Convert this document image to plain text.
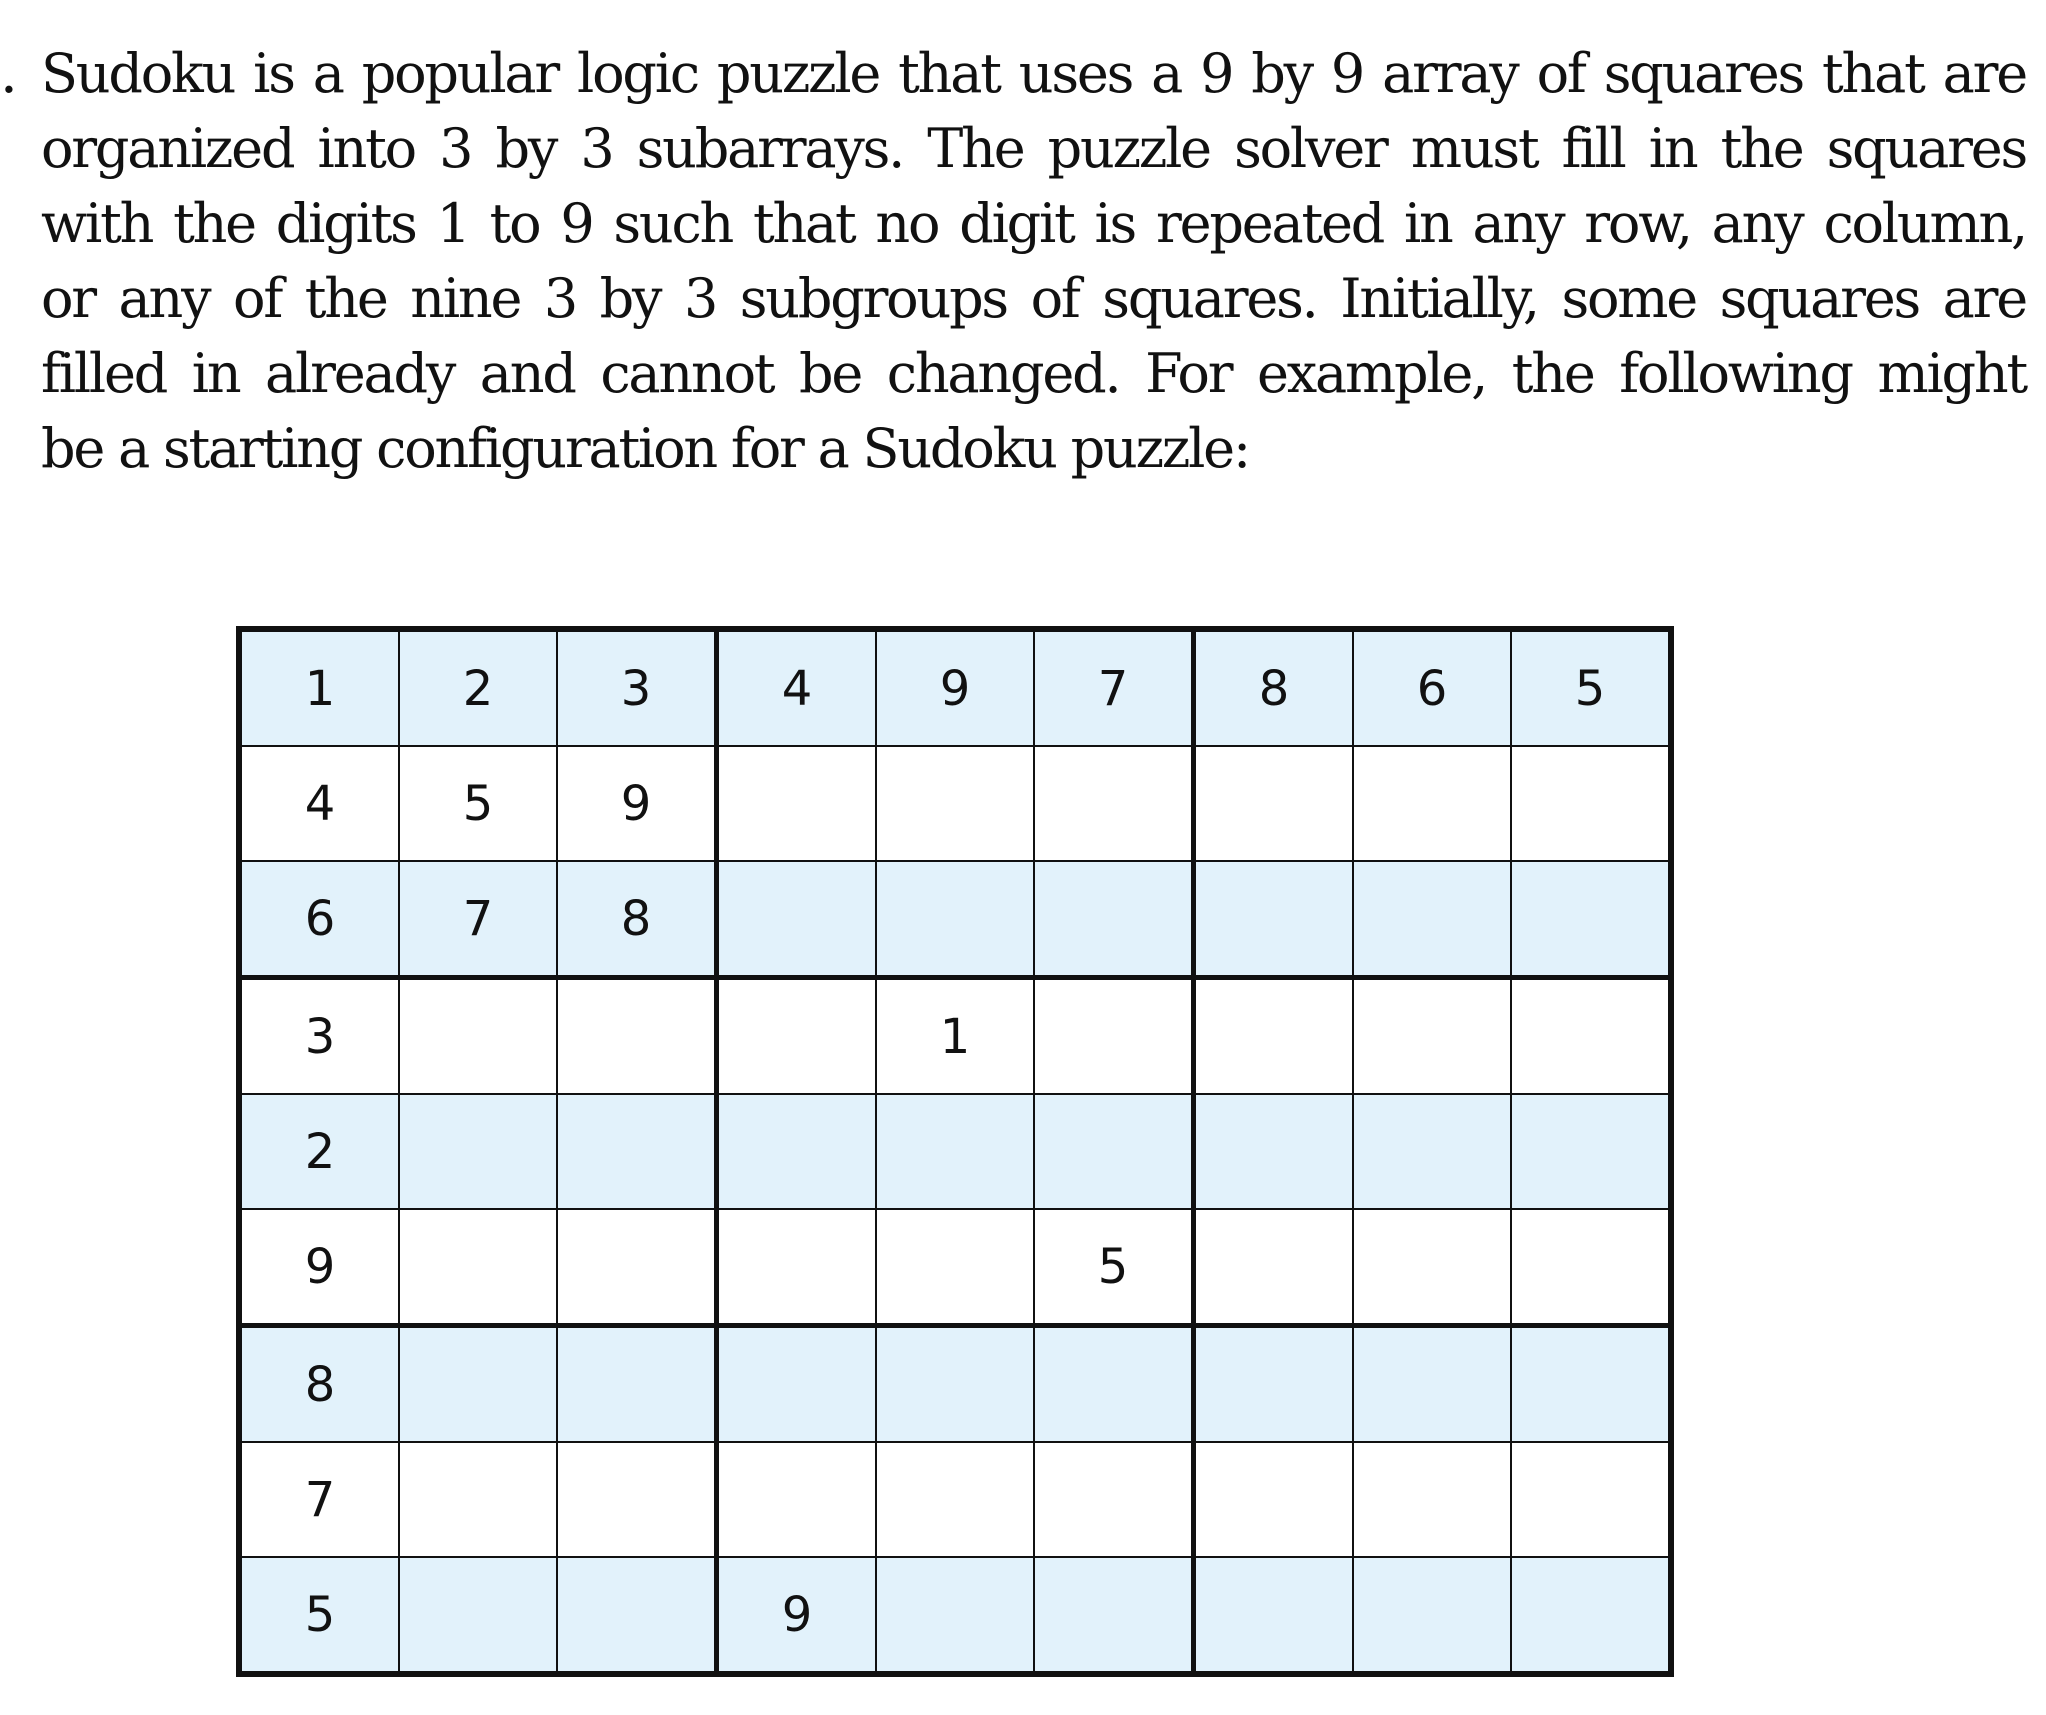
. Sudoku is a popular logic puzzle that uses a 9 by 9 array of squares that are
organized into 3 by 3 subarrays. The puzzle solver must fill in the squares
with the digits 1 to 9 such that no digit is repeated in any row, any column,
or any of the nine 3 by 3 subgroups of squares. Initially, some squares are
filled in already and cannot be changed. For example, the following might
be a starting configuration for a Sudoku puzzle:
1	2	3	4	9	7	8	6	5
4	5	9						
6	7	8						
3				1				
2								
9					5			
8								
7								
5			9					
